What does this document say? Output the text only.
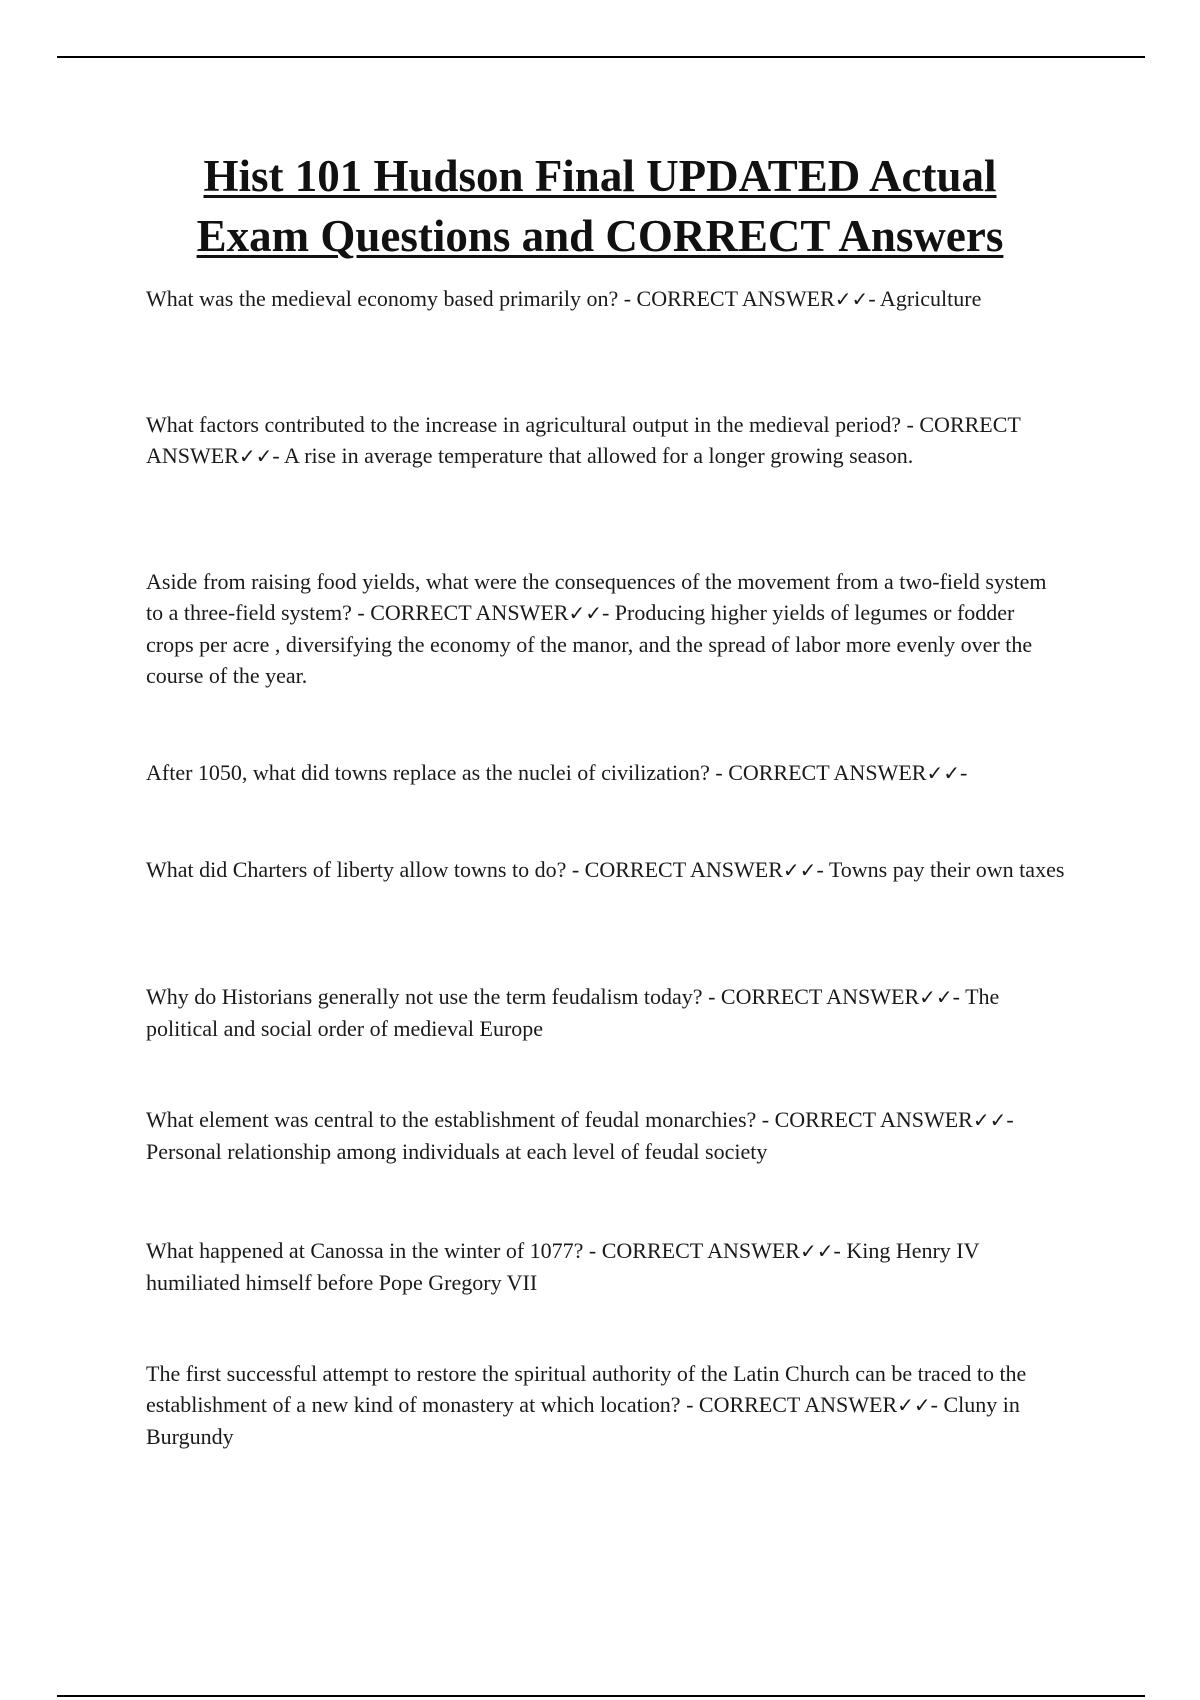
Hist 101 Hudson Final UPDATED Actual
Exam Questions and CORRECT Answers

What was the medieval economy based primarily on? - CORRECT ANSWER✓✓- Agriculture

What factors contributed to the increase in agricultural output in the medieval period? - CORRECT ANSWER✓✓- A rise in average temperature that allowed for a longer growing season.

Aside from raising food yields, what were the consequences of the movement from a two-field system to a three-field system? - CORRECT ANSWER✓✓- Producing higher yields of legumes or fodder crops per acre , diversifying the economy of the manor, and the spread of labor more evenly over the course of the year.

After 1050, what did towns replace as the nuclei of civilization? - CORRECT ANSWER✓✓-

What did Charters of liberty allow towns to do? - CORRECT ANSWER✓✓- Towns pay their own taxes

Why do Historians generally not use the term feudalism today? - CORRECT ANSWER✓✓- The political and social order of medieval Europe

What element was central to the establishment of feudal monarchies? - CORRECT ANSWER✓✓- Personal relationship among individuals at each level of feudal society

What happened at Canossa in the winter of 1077? - CORRECT ANSWER✓✓- King Henry IV humiliated himself before Pope Gregory VII

The first successful attempt to restore the spiritual authority of the Latin Church can be traced to the establishment of a new kind of monastery at which location? - CORRECT ANSWER✓✓- Cluny in Burgundy
